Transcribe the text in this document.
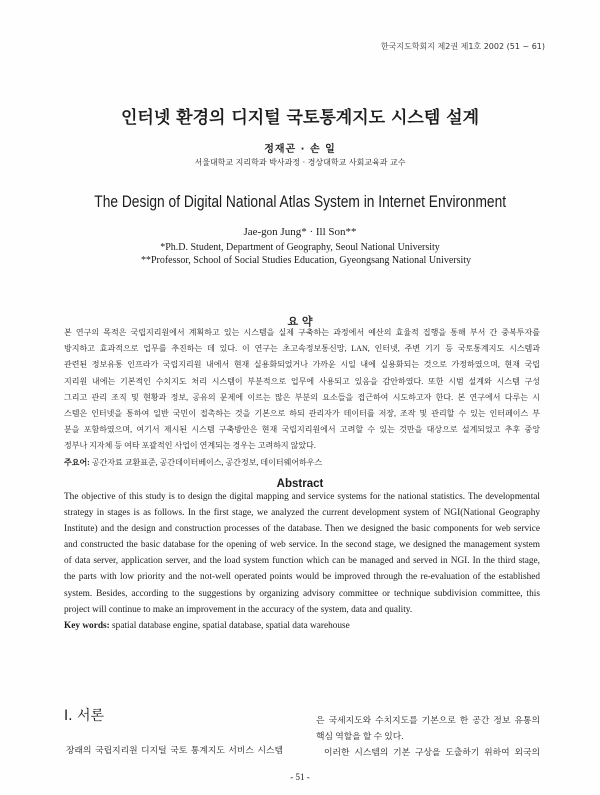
한국지도학회지 제2권 제1호 2002 (51 ~ 61)
인터넷 환경의 디지털 국토통계지도 시스템 설계
정재곤 · 손 일
서울대학교 지리학과 박사과정 · 경상대학교 사회교육과 교수
The Design of Digital National Atlas System in Internet Environment
Jae-gon Jung* · Ill Son**
*Ph.D. Student, Department of Geography, Seoul National University
**Professor, School of Social Studies Education, Gyeongsang National University
요 약
본 연구의 목적은 국립지리원에서 계획하고 있는 시스템을 실제 구축하는 과정에서 예산의 효율적 집행을 통해 부서 간 중복투자를
방지하고 효과적으로 업무를 추진하는 데 있다. 이 연구는 초고속정보통신망, LAN, 인터넷, 주변 기기 등 국토통계지도 시스템과
관련된 정보유통 인프라가 국립지리원 내에서 현재 실용화되었거나 가까운 시일 내에 실용화되는 것으로 가정하였으며, 현재 국립
지리원 내에는 기본적인 수치지도 처리 시스템이 부분적으로 업무에 사용되고 있음을 감안하였다. 또한 시범 설계와 시스템 구성
그리고 관리 조직 및 현황과 정보, 공유의 문제에 이르는 많은 부분의 요소들을 접근하여 시도하고자 한다. 본 연구에서 다루는 시
스템은 인터넷을 통하여 일반 국민이 접촉하는 것을 기본으로 하되 관리자가 데이터를 저장, 조작 및 관리할 수 있는 인터페이스 부
분을 포함하였으며, 여기서 제시된 시스템 구축방안은 현재 국립지리원에서 고려할 수 있는 것만을 대상으로 설계되었고 추후 중앙
정부나 지자체 등 여타 포괄적인 사업이 연계되는 경우는 고려하지 않았다.
주요어: 공간자료 교환표준, 공간데이터베이스, 공간정보, 데이터웨어하우스
Abstract
The objective of this study is to design the digital mapping and service systems for the national statistics. The developmental
strategy in stages is as follows. In the first stage, we analyzed the current development system of NGI(National Geography
Institute) and the design and construction processes of the database. Then we designed the basic components for web service
and constructed the basic database for the opening of web service. In the second stage, we designed the management system
of data server, application server, and the load system function which can be managed and served in NGI. In the third stage,
the parts with low priority and the not-well operated points would be improved through the re-evaluation of the established
system. Besides, according to the suggestions by organizing advisory committee or technique subdivision committee, this
project will continue to make an improvement in the accuracy of the system, data and quality.
Key words: spatial database engine, spatial database, spatial data warehouse
I. 서론
장래의 국립지리원 디지털 국토 통계지도 서비스 시스템
은 국세지도와 수치지도를 기본으로 한 공간 정보 유통의
핵심 역할을 할 수 있다.
이러한 시스템의 기본 구상을 도출하기 위하여 외국의
- 51 -
